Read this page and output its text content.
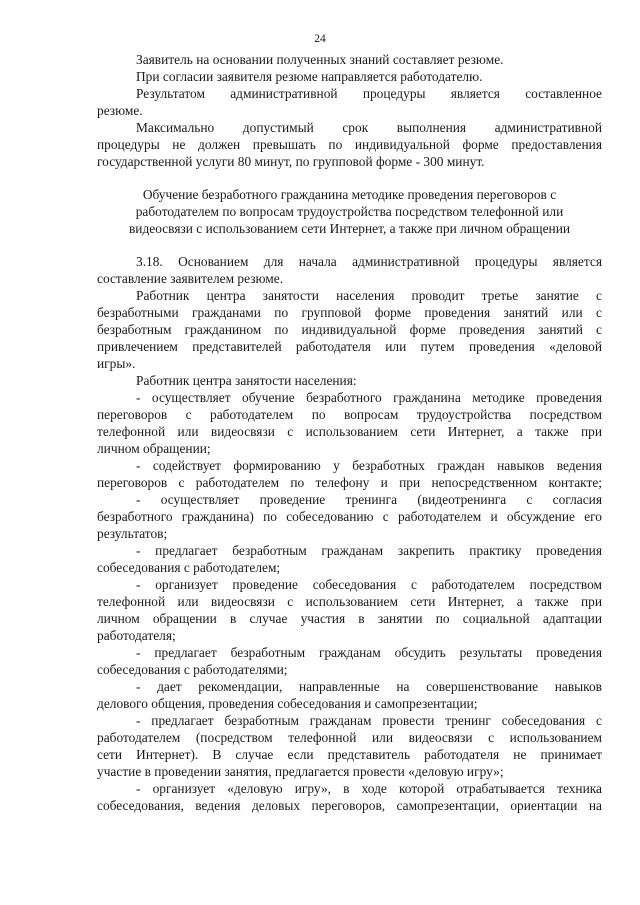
24
Заявитель на основании полученных знаний составляет резюме.
При согласии заявителя резюме направляется работодателю.
Результатом административной процедуры является составленное
резюме.
Максимально допустимый срок выполнения административной
процедуры не должен превышать по индивидуальной форме предоставления
государственной услуги 80 минут, по групповой форме - 300 минут.
Обучение безработного гражданина методике проведения переговоров с
работодателем по вопросам трудоустройства посредством телефонной или
видеосвязи с использованием сети Интернет, а также при личном обращении
3.18. Основанием для начала административной процедуры является
составление заявителем резюме.
Работник центра занятости населения проводит третье занятие с
безработными гражданами по групповой форме проведения занятий или с
безработным гражданином по индивидуальной форме проведения занятий с
привлечением представителей работодателя или путем проведения «деловой
игры».
Работник центра занятости населения:
- осуществляет обучение безработного гражданина методике проведения
переговоров с работодателем по вопросам трудоустройства посредством
телефонной или видеосвязи с использованием сети Интернет, а также при
личном обращении;
- содействует формированию у безработных граждан навыков ведения
переговоров с работодателем по телефону и при непосредственном контакте;
- осуществляет проведение тренинга (видеотренинга с согласия
безработного гражданина) по собеседованию с работодателем и обсуждение его
результатов;
- предлагает безработным гражданам закрепить практику проведения
собеседования с работодателем;
- организует проведение собеседования с работодателем посредством
телефонной или видеосвязи с использованием сети Интернет, а также при
личном обращении в случае участия в занятии по социальной адаптации
работодателя;
- предлагает безработным гражданам обсудить результаты проведения
собеседования с работодателями;
- дает рекомендации, направленные на совершенствование навыков
делового общения, проведения собеседования и самопрезентации;
- предлагает безработным гражданам провести тренинг собеседования с
работодателем (посредством телефонной или видеосвязи с использованием
сети Интернет). В случае если представитель работодателя не принимает
участие в проведении занятия, предлагается провести «деловую игру»;
- организует «деловую игру», в ходе которой отрабатывается техника
собеседования, ведения деловых переговоров, самопрезентации, ориентации на
